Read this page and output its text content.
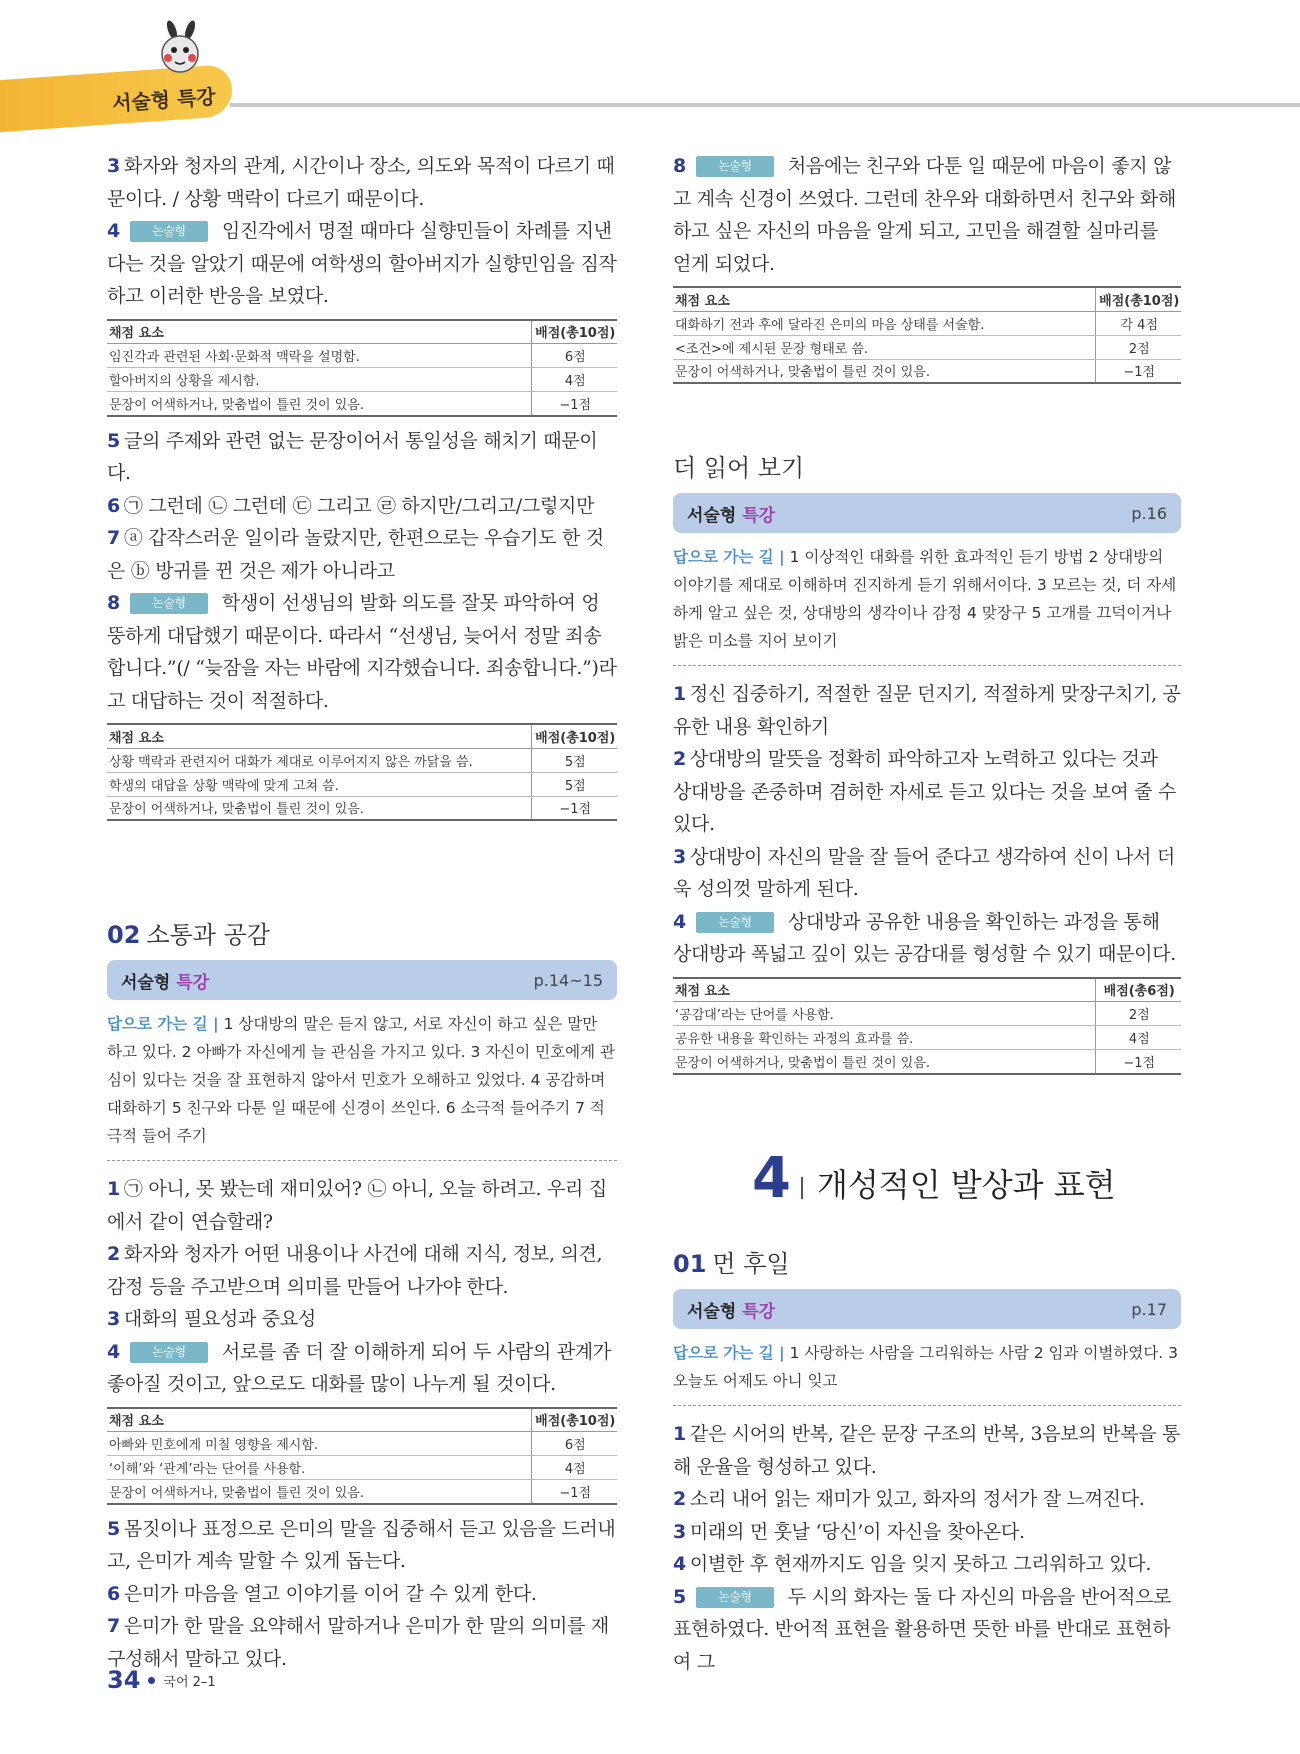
서술형 특강

3 화자와 청자의 관계, 시간이나 장소, 의도와 목적이 다르기 때문이다. / 상황 맥락이 다르기 때문이다.

4	논술형 임진각에서 명절 때마다 실향민들이 차례를 지낸다는 것을 알았기 때문에 여학생의 할아버지가 실향민임을 짐작하고 이러한 반응을 보였다.

채점 요소	배점(총10점)
임진각과 관련된 사회·문화적 맥락을 설명함.	6점
할아버지의 상황을 제시함.	4점
문장이 어색하거나, 맞춤법이 틀린 것이 있음.	−1점

5 글의 주제와 관련 없는 문장이어서 통일성을 해치기 때문이다.

6 ㉠ 그런데 ㉡ 그런데 ㉢ 그리고 ㉣ 하지만/그리고/그렇지만

7 ⓐ 갑작스러운 일이라 놀랐지만, 한편으로는 우습기도 한 것은 ⓑ 방귀를 뀐 것은 제가 아니라고

8	논술형 학생이 선생님의 발화 의도를 잘못 파악하여 엉뚱하게 대답했기 때문이다. 따라서 “선생님, 늦어서 정말 죄송합니다.”(/ “늦잠을 자는 바람에 지각했습니다. 죄송합니다.”)라고 대답하는 것이 적절하다.

채점 요소	배점(총10점)
상황 맥락과 관련지어 대화가 제대로 이루어지지 않은 까닭을 씀.	5점
학생의 대답을 상황 맥락에 맞게 고쳐 씀.	5점
문장이 어색하거나, 맞춤법이 틀린 것이 있음.	−1점
02 소통과 공감
서술형 특강	p.14~15
답으로 가는 길 | 1 상대방의 말은 듣지 않고, 서로 자신이 하고 싶은 말만 하고 있다. 2 아빠가 자신에게 늘 관심을 가지고 있다. 3 자신이 민호에게 관심이 있다는 것을 잘 표현하지 않아서 민호가 오해하고 있었다. 4 공감하며 대화하기 5 친구와 다툰 일 때문에 신경이 쓰인다. 6 소극적 들어주기 7 적극적 들어 주기

1 ㉠ 아니, 못 봤는데 재미있어? ㉡ 아니, 오늘 하려고. 우리 집에서 같이 연습할래?

2 화자와 청자가 어떤 내용이나 사건에 대해 지식, 정보, 의견, 감정 등을 주고받으며 의미를 만들어 나가야 한다.

3 대화의 필요성과 중요성

4	논술형 서로를 좀 더 잘 이해하게 되어 두 사람의 관계가 좋아질 것이고, 앞으로도 대화를 많이 나누게 될 것이다.

채점 요소	배점(총10점)
아빠와 민호에게 미칠 영향을 제시함.	6점
‘이해’와 ‘관계’라는 단어를 사용함.	4점
문장이 어색하거나, 맞춤법이 틀린 것이 있음.	−1점

5 몸짓이나 표정으로 은미의 말을 집중해서 듣고 있음을 드러내고, 은미가 계속 말할 수 있게 돕는다.

6 은미가 마음을 열고 이야기를 이어 갈 수 있게 한다.

7 은미가 한 말을 요약해서 말하거나 은미가 한 말의 의미를 재구성해서 말하고 있다.

8	논술형 처음에는 친구와 다툰 일 때문에 마음이 좋지 않고 계속 신경이 쓰였다. 그런데 찬우와 대화하면서 친구와 화해하고 싶은 자신의 마음을 알게 되고, 고민을 해결할 실마리를 얻게 되었다.

채점 요소	배점(총10점)
대화하기 전과 후에 달라진 은미의 마음 상태를 서술함.	각 4점
<조건>에 제시된 문장 형태로 씀.	2점
문장이 어색하거나, 맞춤법이 틀린 것이 있음.	−1점
더 읽어 보기
서술형 특강	p.16
답으로 가는 길 | 1 이상적인 대화를 위한 효과적인 듣기 방법 2 상대방의 이야기를 제대로 이해하며 진지하게 듣기 위해서이다. 3 모르는 것, 더 자세하게 알고 싶은 것, 상대방의 생각이나 감정 4 맞장구 5 고개를 끄덕이거나 밝은 미소를 지어 보이기

1 정신 집중하기, 적절한 질문 던지기, 적절하게 맞장구치기, 공유한 내용 확인하기

2 상대방의 말뜻을 정확히 파악하고자 노력하고 있다는 것과 상대방을 존중하며 겸허한 자세로 듣고 있다는 것을 보여 줄 수 있다.

3 상대방이 자신의 말을 잘 들어 준다고 생각하여 신이 나서 더욱 성의껏 말하게 된다.

4	논술형 상대방과 공유한 내용을 확인하는 과정을 통해 상대방과 폭넓고 깊이 있는 공감대를 형성할 수 있기 때문이다.

채점 요소	배점(총6점)
‘공감대’라는 단어를 사용함.	2점
공유한 내용을 확인하는 과정의 효과를 씀.	4점
문장이 어색하거나, 맞춤법이 틀린 것이 있음.	−1점
4 개성적인 발상과 표현
01 먼 후일
서술형 특강	p.17
답으로 가는 길 | 1 사랑하는 사람을 그리워하는 사람 2 임과 이별하였다. 3 오늘도 어제도 아니 잊고

1 같은 시어의 반복, 같은 문장 구조의 반복, 3음보의 반복을 통해 운율을 형성하고 있다.

2 소리 내어 읽는 재미가 있고, 화자의 정서가 잘 느껴진다.

3 미래의 먼 훗날 ‘당신’이 자신을 찾아온다.

4 이별한 후 현재까지도 임을 잊지 못하고 그리워하고 있다.

5	논술형 두 시의 화자는 둘 다 자신의 마음을 반어적으로 표현하였다. 반어적 표현을 활용하면 뜻한 바를 반대로 표현하여 그

34 국어 2–1
